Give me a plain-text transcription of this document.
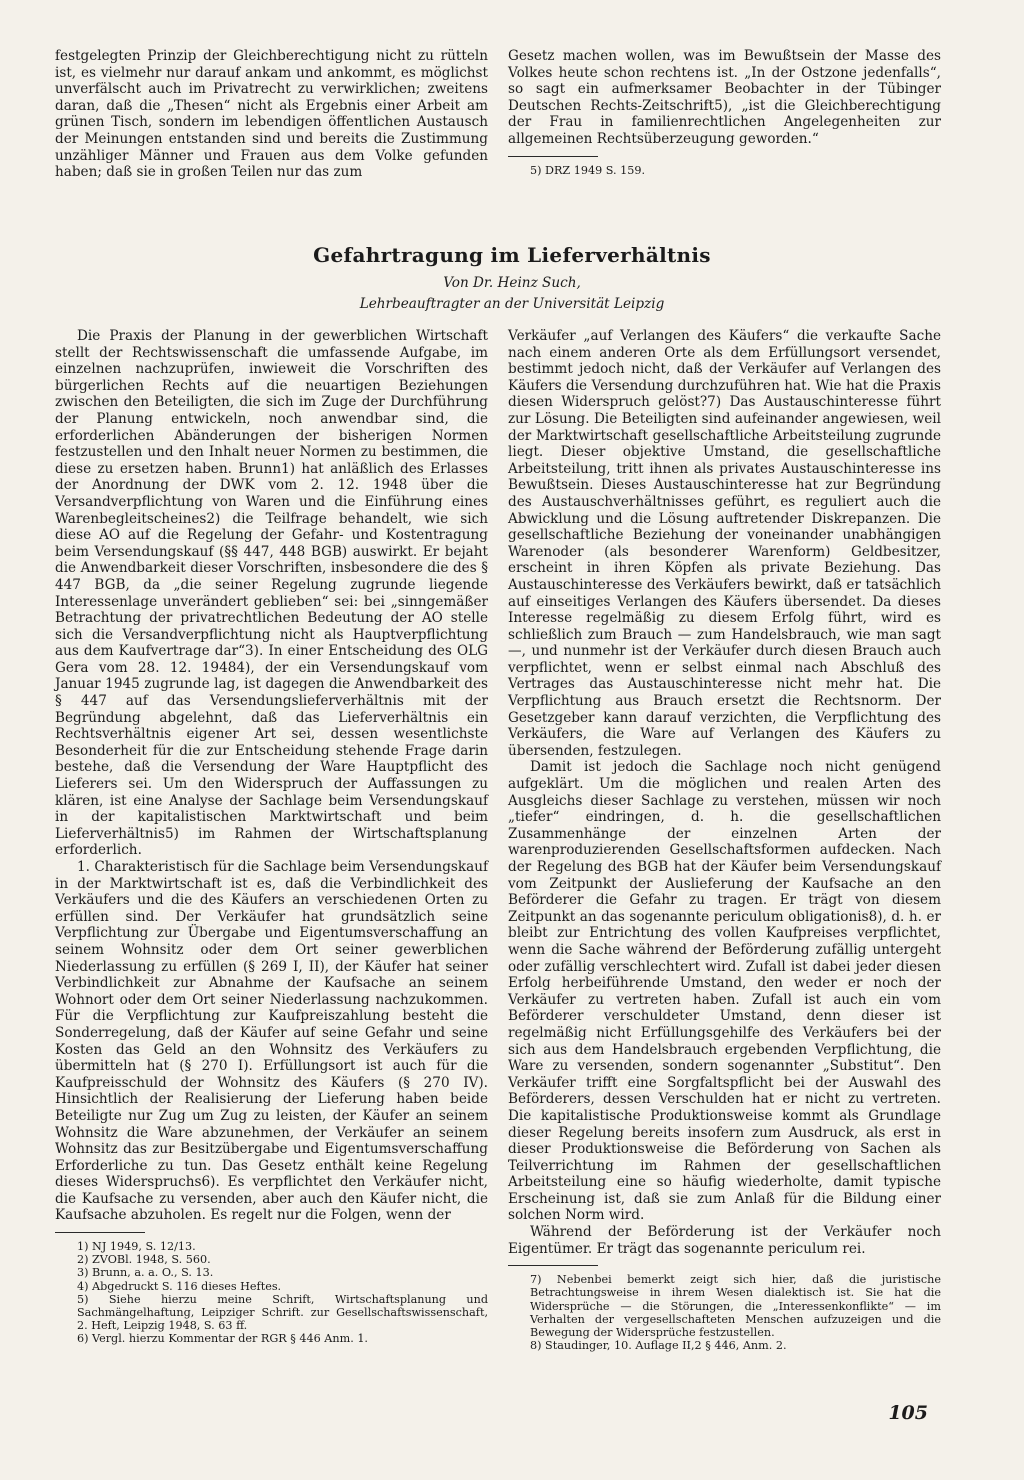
festgelegten Prinzip der Gleichberechtigung nicht zu rütteln ist, es vielmehr nur darauf ankam und ankommt, es möglichst unverfälscht auch im Privatrecht zu verwirklichen; zweitens daran, daß die „Thesen“ nicht als Ergebnis einer Arbeit am grünen Tisch, sondern im lebendigen öffentlichen Austausch der Meinungen entstanden sind und bereits die Zustimmung unzähliger Männer und Frauen aus dem Volke gefunden haben; daß sie in großen Teilen nur das zum

Gesetz machen wollen, was im Bewußtsein der Masse des Volkes heute schon rechtens ist. „In der Ostzone jedenfalls“, so sagt ein aufmerksamer Beobachter in der Tübinger Deutschen Rechts-Zeitschrift5), „ist die Gleichberechtigung der Frau in familienrechtlichen Angelegenheiten zur allgemeinen Rechtsüberzeugung geworden.“

5) DRZ 1949 S. 159.

Gefahrtragung im Lieferverhältnis
Von Dr. Heinz Such,
Lehrbeauftragter an der Universität Leipzig

Die Praxis der Planung in der gewerblichen Wirtschaft stellt der Rechtswissenschaft die umfassende Aufgabe, im einzelnen nachzuprüfen, inwieweit die Vorschriften des bürgerlichen Rechts auf die neuartigen Beziehungen zwischen den Beteiligten, die sich im Zuge der Durchführung der Planung entwickeln, noch anwendbar sind, die erforderlichen Abänderungen der bisherigen Normen festzustellen und den Inhalt neuer Normen zu bestimmen, die diese zu ersetzen haben. Brunn1) hat anläßlich des Erlasses der Anordnung der DWK vom 2. 12. 1948 über die Versandverpflichtung von Waren und die Einführung eines Warenbegleitscheines2) die Teilfrage behandelt, wie sich diese AO auf die Regelung der Gefahr- und Kostentragung beim Versendungskauf (§§ 447, 448 BGB) auswirkt. Er bejaht die Anwendbarkeit dieser Vorschriften, insbesondere die des § 447 BGB, da „die seiner Regelung zugrunde liegende Interessenlage unverändert geblieben“ sei: bei „sinngemäßer Betrachtung der privatrechtlichen Bedeutung der AO stelle sich die Versandverpflichtung nicht als Hauptverpflichtung aus dem Kaufvertrage dar“3). In einer Entscheidung des OLG Gera vom 28. 12. 19484), der ein Versendungskauf vom Januar 1945 zugrunde lag, ist dagegen die Anwendbarkeit des § 447 auf das Versendungslieferverhältnis mit der Begründung abgelehnt, daß das Lieferverhältnis ein Rechtsverhältnis eigener Art sei, dessen wesentlichste Besonderheit für die zur Entscheidung stehende Frage darin bestehe, daß die Versendung der Ware Hauptpflicht des Lieferers sei. Um den Widerspruch der Auffassungen zu klären, ist eine Analyse der Sachlage beim Versendungskauf in der kapitalistischen Marktwirtschaft und beim Lieferverhältnis5) im Rahmen der Wirtschaftsplanung erforderlich.

1. Charakteristisch für die Sachlage beim Versendungskauf in der Marktwirtschaft ist es, daß die Verbindlichkeit des Verkäufers und die des Käufers an verschiedenen Orten zu erfüllen sind. Der Verkäufer hat grundsätzlich seine Verpflichtung zur Übergabe und Eigentumsverschaffung an seinem Wohnsitz oder dem Ort seiner gewerblichen Niederlassung zu erfüllen (§ 269 I, II), der Käufer hat seiner Verbindlichkeit zur Abnahme der Kaufsache an seinem Wohnort oder dem Ort seiner Niederlassung nachzukommen. Für die Verpflichtung zur Kaufpreiszahlung besteht die Sonderregelung, daß der Käufer auf seine Gefahr und seine Kosten das Geld an den Wohnsitz des Verkäufers zu übermitteln hat (§ 270 I). Erfüllungsort ist auch für die Kaufpreisschuld der Wohnsitz des Käufers (§ 270 IV). Hinsichtlich der Realisierung der Lieferung haben beide Beteiligte nur Zug um Zug zu leisten, der Käufer an seinem Wohnsitz die Ware abzunehmen, der Verkäufer an seinem Wohnsitz das zur Besitzübergabe und Eigentumsverschaffung Erforderliche zu tun. Das Gesetz enthält keine Regelung dieses Widerspruchs6). Es verpflichtet den Verkäufer nicht, die Kaufsache zu versenden, aber auch den Käufer nicht, die Kaufsache abzuholen. Es regelt nur die Folgen, wenn der

1) NJ 1949, S. 12/13.

2) ZVOBl. 1948, S. 560.

3) Brunn, a. a. O., S. 13.

4) Abgedruckt S. 116 dieses Heftes.

5) Siehe hierzu meine Schrift, Wirtschaftsplanung und Sachmängelhaftung, Leipziger Schrift. zur Gesellschaftswissenschaft, 2. Heft, Leipzig 1948, S. 63 ff.

6) Vergl. hierzu Kommentar der RGR § 446 Anm. 1.

Verkäufer „auf Verlangen des Käufers“ die verkaufte Sache nach einem anderen Orte als dem Erfüllungsort versendet, bestimmt jedoch nicht, daß der Verkäufer auf Verlangen des Käufers die Versendung durchzuführen hat. Wie hat die Praxis diesen Widerspruch gelöst?7) Das Austauschinteresse führt zur Lösung. Die Beteiligten sind aufeinander angewiesen, weil der Marktwirtschaft gesellschaftliche Arbeitsteilung zugrunde liegt. Dieser objektive Umstand, die gesellschaftliche Arbeitsteilung, tritt ihnen als privates Austauschinteresse ins Bewußtsein. Dieses Austauschinteresse hat zur Begründung des Austauschverhältnisses geführt, es reguliert auch die Abwicklung und die Lösung auftretender Diskrepanzen. Die gesellschaftliche Beziehung der voneinander unabhängigen Warenoder (als besonderer Warenform) Geldbesitzer, erscheint in ihren Köpfen als private Beziehung. Das Austauschinteresse des Verkäufers bewirkt, daß er tatsächlich auf einseitiges Verlangen des Käufers übersendet. Da dieses Interesse regelmäßig zu diesem Erfolg führt, wird es schließlich zum Brauch — zum Handelsbrauch, wie man sagt —, und nunmehr ist der Verkäufer durch diesen Brauch auch verpflichtet, wenn er selbst einmal nach Abschluß des Vertrages das Austauschinteresse nicht mehr hat. Die Verpflichtung aus Brauch ersetzt die Rechtsnorm. Der Gesetzgeber kann darauf verzichten, die Verpflichtung des Verkäufers, die Ware auf Verlangen des Käufers zu übersenden, festzulegen.

Damit ist jedoch die Sachlage noch nicht genügend aufgeklärt. Um die möglichen und realen Arten des Ausgleichs dieser Sachlage zu verstehen, müssen wir noch „tiefer“ eindringen, d. h. die gesellschaftlichen Zusammenhänge der einzelnen Arten der warenproduzierenden Gesellschaftsformen aufdecken. Nach der Regelung des BGB hat der Käufer beim Versendungskauf vom Zeitpunkt der Auslieferung der Kaufsache an den Beförderer die Gefahr zu tragen. Er trägt von diesem Zeitpunkt an das sogenannte periculum obligationis8), d. h. er bleibt zur Entrichtung des vollen Kaufpreises verpflichtet, wenn die Sache während der Beförderung zufällig untergeht oder zufällig verschlechtert wird. Zufall ist dabei jeder diesen Erfolg herbeiführende Umstand, den weder er noch der Verkäufer zu vertreten haben. Zufall ist auch ein vom Beförderer verschuldeter Umstand, denn dieser ist regelmäßig nicht Erfüllungsgehilfe des Verkäufers bei der sich aus dem Handelsbrauch ergebenden Verpflichtung, die Ware zu versenden, sondern sogenannter „Substitut“. Den Verkäufer trifft eine Sorgfaltspflicht bei der Auswahl des Beförderers, dessen Verschulden hat er nicht zu vertreten. Die kapitalistische Produktionsweise kommt als Grundlage dieser Regelung bereits insofern zum Ausdruck, als erst in dieser Produktionsweise die Beförderung von Sachen als Teilverrichtung im Rahmen der gesellschaftlichen Arbeitsteilung eine so häufig wiederholte, damit typische Erscheinung ist, daß sie zum Anlaß für die Bildung einer solchen Norm wird.

Während der Beförderung ist der Verkäufer noch Eigentümer. Er trägt das sogenannte periculum rei.

7) Nebenbei bemerkt zeigt sich hier, daß die juristische Betrachtungsweise in ihrem Wesen dialektisch ist. Sie hat die Widersprüche — die Störungen, die „Interessenkonflikte“ — im Verhalten der vergesellschafteten Menschen aufzuzeigen und die Bewegung der Widersprüche festzustellen.

8) Staudinger, 10. Auflage II,2 § 446, Anm. 2.

105
